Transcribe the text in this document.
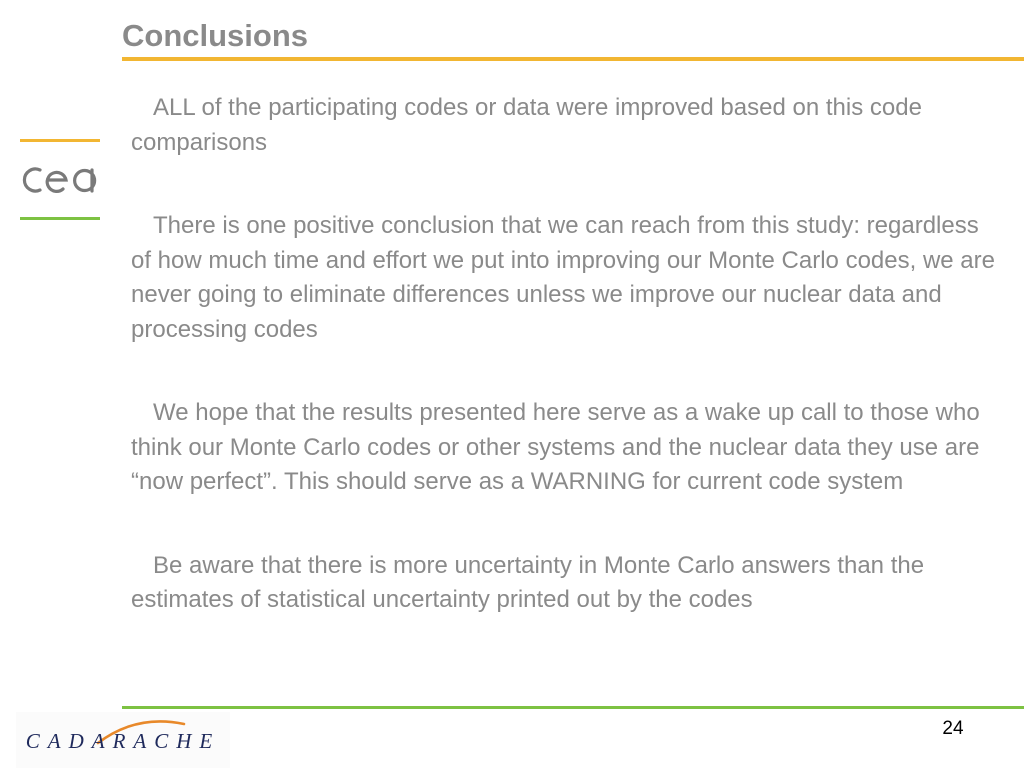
Conclusions

ALL of the participating codes or data were improved based on this code comparisons

There is one positive conclusion that we can reach from this study: regardless of how much time and effort we put into improving our Monte Carlo codes, we are never going to eliminate differences unless we improve our nuclear data and processing codes

We hope that the results presented here serve as a wake up call to those who think our Monte Carlo codes or other systems and the nuclear data they use are “now perfect”. This should serve as a WARNING for current code system

Be aware that there is more uncertainty in Monte Carlo answers than the estimates of statistical uncertainty printed out by the codes

CADARACHE
24
